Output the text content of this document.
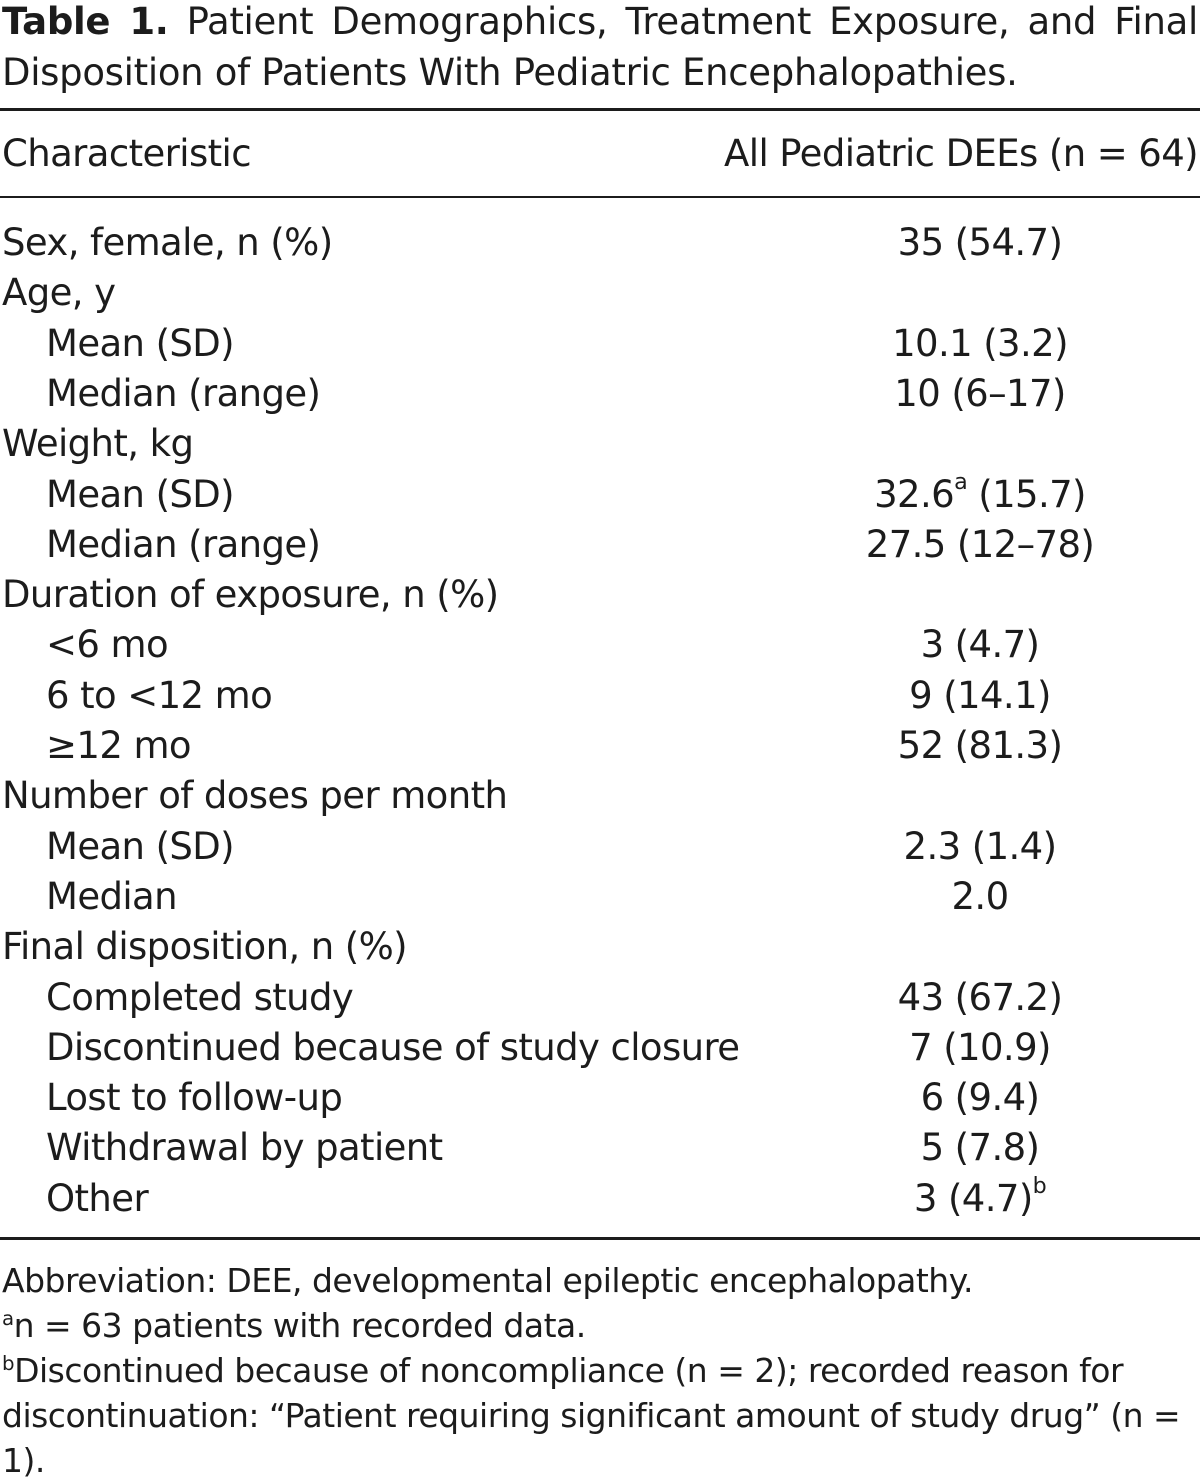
Table 1. Patient Demographics, Treatment Exposure, and Final Disposition of Patients With Pediatric Encephalopathies.
Characteristic	All Pediatric DEEs (n = 64)
Sex, female, n (%)	35 (54.7)
Age, y
Mean (SD)	10.1 (3.2)
Median (range)	10 (6–17)
Weight, kg
Mean (SD)	32.6$^a$ (15.7)
Median (range)	27.5 (12–78)
Duration of exposure, n (%)
<6 mo	3 (4.7)
6 to <12 mo	9 (14.1)
≥12 mo	52 (81.3)
Number of doses per month
Mean (SD)	2.3 (1.4)
Median	2.0
Final disposition, n (%)
Completed study	43 (67.2)
Discontinued because of study closure	7 (10.9)
Lost to follow-up	6 (9.4)
Withdrawal by patient	5 (7.8)
Other	3 $(4.7)^b$
Abbreviation: DEE, developmental epileptic encephalopathy.
$^a$n = 63 patients with recorded data.
$^b$Discontinued because of noncompliance (n = 2); recorded reason for discontinuation: “Patient requiring significant amount of study drug” (n = 1).
